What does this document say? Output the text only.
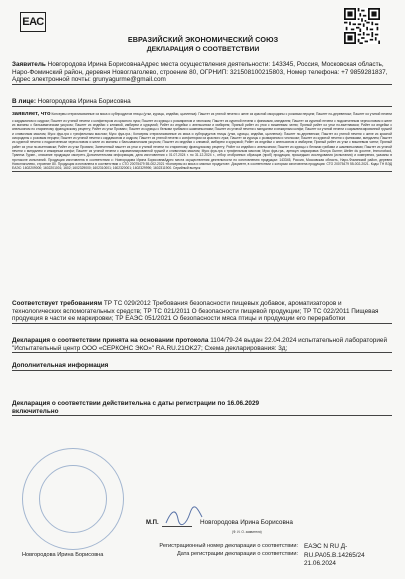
ЕАС
ЕВРАЗИЙСКИЙ ЭКОНОМИЧЕСКИЙ СОЮЗ
ДЕКЛАРАЦИЯ О СООТВЕТСТВИИ
Заявитель Новгородова Ирина БорисовнаАдрес места осуществления деятельности: 143345, Россия, Московская область, Наро-Фоминский район, деревня Новоглаголево, строение 80, ОГРНИП: 321508100215803, Номер телефона: +7 9859281837, Адрес электронной почты: grunyagurme@gmail.com
В лице: Новгородова Ирина Борисовна
заявляет, что Консервы стерилизованные из мяса и субпродуктов птицы (утки, курицы, индейки, цыпленка): Паштет из утиной печени с желе из красной смородины с розовым перцем; Паштет по-деревенски; Паштет из утиной печени с кардамоном и сидром; Паштет из утиной печени с конфитюром из красного лука; Паштет из курицы с розмарином и чесноком; Паштет из куриной печени с финиками, миндалем; Паштет из куриной печени с подкопченным чернословом и желе из малины с бальзамическим уксусом; Паштет из индейки с клюквой, имбирем и куркумой; Рийет из индейки с апельсином и имбирем; Пряный рийет из утки с вишневым чатни; Пряный рийет из утки по-вьетнамски; Рийет из индейки с апельсином по старинному французскому рецепту; Рийет из утки Прованс; Паштет из курицы с белыми грибами и шампиньонами; Паштет из утиной печени с миндалем и инжирным конфи; Паштет из утиной печени с карамелизированной грушей и сливочным маслом; Мусс фуа-гра с трюфельным маслом; Мусс фуа-гра.; Консервы стерилизованные из мяса и субпродуктов птицы (утки, курицы, индейки, цыпленка): Паштет по-деревенски; Паштет из утиной печени с желе из красной смородины с розовым перцем; Паштет из утиной печени с кардамоном и сидром; Паштет из утиной печени с конфитюром из красного лука; Паштет из курицы с розмарином и чесноком; Паштет из куриной печени с финиками, миндалем; Паштет из куриной печени с подкопченным чернословом и желе из малины с бальзамическим уксусом; Паштет из индейки с клюквой, имбирем и куркумой; Рийет из индейки с апельсином и имбирем; Пряный рийет из утки с вишневым чатни; Пряный рийет из утки по-вьетнамски; Рийет из утки Прованс; Запеченный паштет из утки и утиной печени по старинному французскому рецепту; Рийет из индейки с апельсином; Паштет из курицы с белыми грибами и шампиньонами; Паштет из утиной печени с миндалем и инжирным конфи; Паштет из утиной печени с карамелизированной грушей и сливочным маслом; Мусс фуа-гра с трюфельным маслом; Мусс фуа-гра., артикул: маркировка Grunya Gurme; Atelier du gourme, Immunofood, Трапеза Гурме., описание продукции смотреть Дополнительная информация, дата изготовления с 01.07.2024 г. по 31.12.2024 г., отбор отобранных образцов (проб) продукции, прошедших исследования (испытания) и измерения, указаны в протоколе испытаний. Продукция изготовлена в соответствии с: Новгородова Ирина БорисовнаАдрес места осуществления деятельности по изготовлению продукции: 143345, Россия, Московская область, Наро-Фоминский район, деревня Новоглаголево, строение 80. Продукция изготовлена в соответствии с СТО 20075479 55-002-2021 «Консервы из мяса и мясных продуктов». Документ, в соответствии с которым изготовлена продукция: СТО 20075479 55-002-2021. Коды ТН ВЭД ЕАЭС: 1602209000; 1602201001; 1602; 1602329000; 1602310001; 1602320001; 1602329990; 1602311900. Серийный выпуск
Соответствует требованиям ТР ТС 029/2012 Требования безопасности пищевых добавок, ароматизаторов и технологических вспомогательных средств; ТР ТС 021/2011 О безопасности пищевой продукции; ТР ТС 022/2011 Пищевая продукция в части ее маркировки; ТР ЕАЭС 051/2021 О безопасности мяса птицы и продукции его переработки
Декларация о соответствии принята на основании протокола 1104/79-24 выдан 22.04.2024 испытательной лабораторией "Испытательный центр ООО «СЕРКОНС ЭКО»" RA.RU.21OK27; Схема декларирования: 3д;
Дополнительная информация
Декларация о соответствии действительна с даты регистрации по 16.06.2029
включительно
Новгородова Ирина Борисовна
М.П.	Новгородова Ирина Борисовна
(Ф. И. О. заявителя)
Регистрационный номер декларации о соответствии:
Дата регистрации декларации о соответствии:
ЕАЭС N RU Д-RU.PA05.B.14265/24
21.06.2024
